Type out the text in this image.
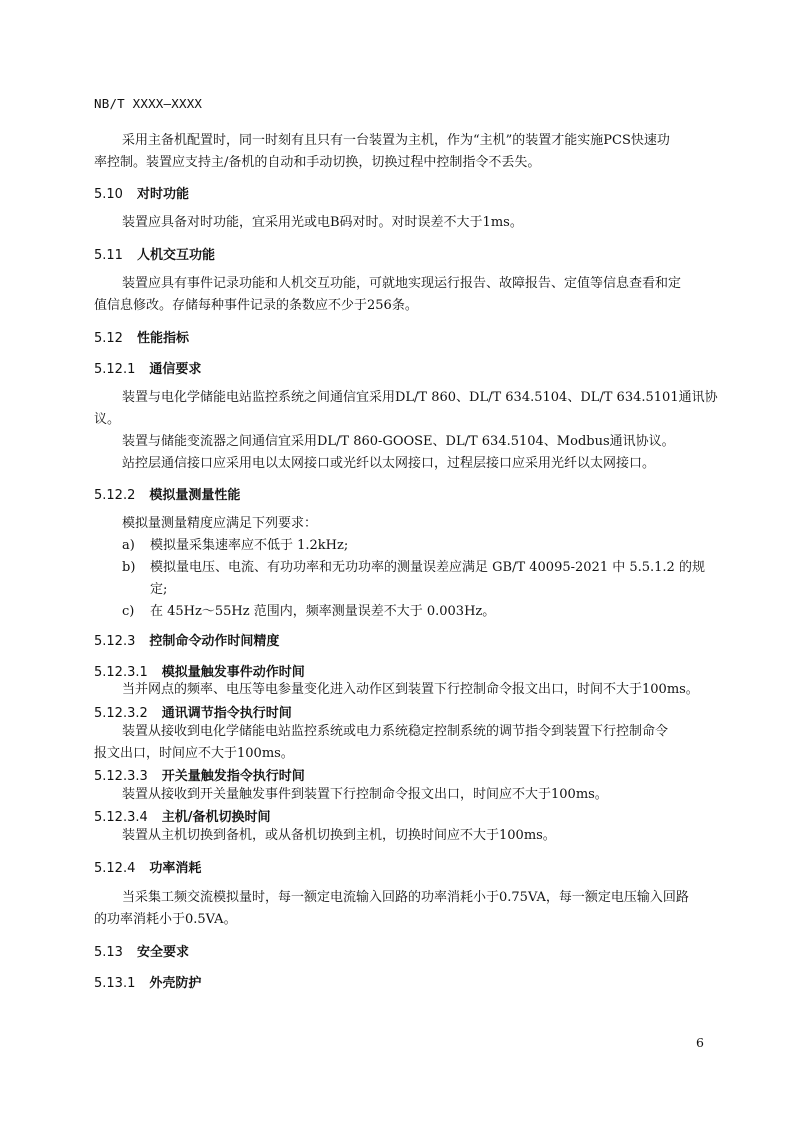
NB/T XXXX—XXXX
采用主备机配置时，同一时刻有且只有一台装置为主机，作为“主机”的装置才能实施PCS快速功
率控制。装置应支持主/备机的自动和手动切换，切换过程中控制指令不丢失。
5.10 对时功能
装置应具备对时功能，宜采用光或电B码对时。对时误差不大于1ms。
5.11 人机交互功能
装置应具有事件记录功能和人机交互功能，可就地实现运行报告、故障报告、定值等信息查看和定
值信息修改。存储每种事件记录的条数应不少于256条。
5.12 性能指标
5.12.1 通信要求
装置与电化学储能电站监控系统之间通信宜采用DL/T 860、DL/T 634.5104、DL/T 634.5101通讯协
议。
装置与储能变流器之间通信宜采用DL/T 860-GOOSE、DL/T 634.5104、Modbus通讯协议。
站控层通信接口应采用电以太网接口或光纤以太网接口，过程层接口应采用光纤以太网接口。
5.12.2 模拟量测量性能
模拟量测量精度应满足下列要求：
a) 模拟量采集速率应不低于 1.2kHz;
b) 模拟量电压、电流、有功功率和无功功率的测量误差应满足 GB/T 40095-2021 中 5.5.1.2 的规
定;
c) 在 45Hz～55Hz 范围内，频率测量误差不大于 0.003Hz。
5.12.3 控制命令动作时间精度
5.12.3.1 模拟量触发事件动作时间
当并网点的频率、电压等电参量变化进入动作区到装置下行控制命令报文出口，时间不大于100ms。
5.12.3.2 通讯调节指令执行时间
装置从接收到电化学储能电站监控系统或电力系统稳定控制系统的调节指令到装置下行控制命令
报文出口，时间应不大于100ms。
5.12.3.3 开关量触发指令执行时间
装置从接收到开关量触发事件到装置下行控制命令报文出口，时间应不大于100ms。
5.12.3.4 主机/备机切换时间
装置从主机切换到备机，或从备机切换到主机，切换时间应不大于100ms。
5.12.4 功率消耗
当采集工频交流模拟量时，每一额定电流输入回路的功率消耗小于0.75VA，每一额定电压输入回路
的功率消耗小于0.5VA。
5.13 安全要求
5.13.1 外壳防护
6
